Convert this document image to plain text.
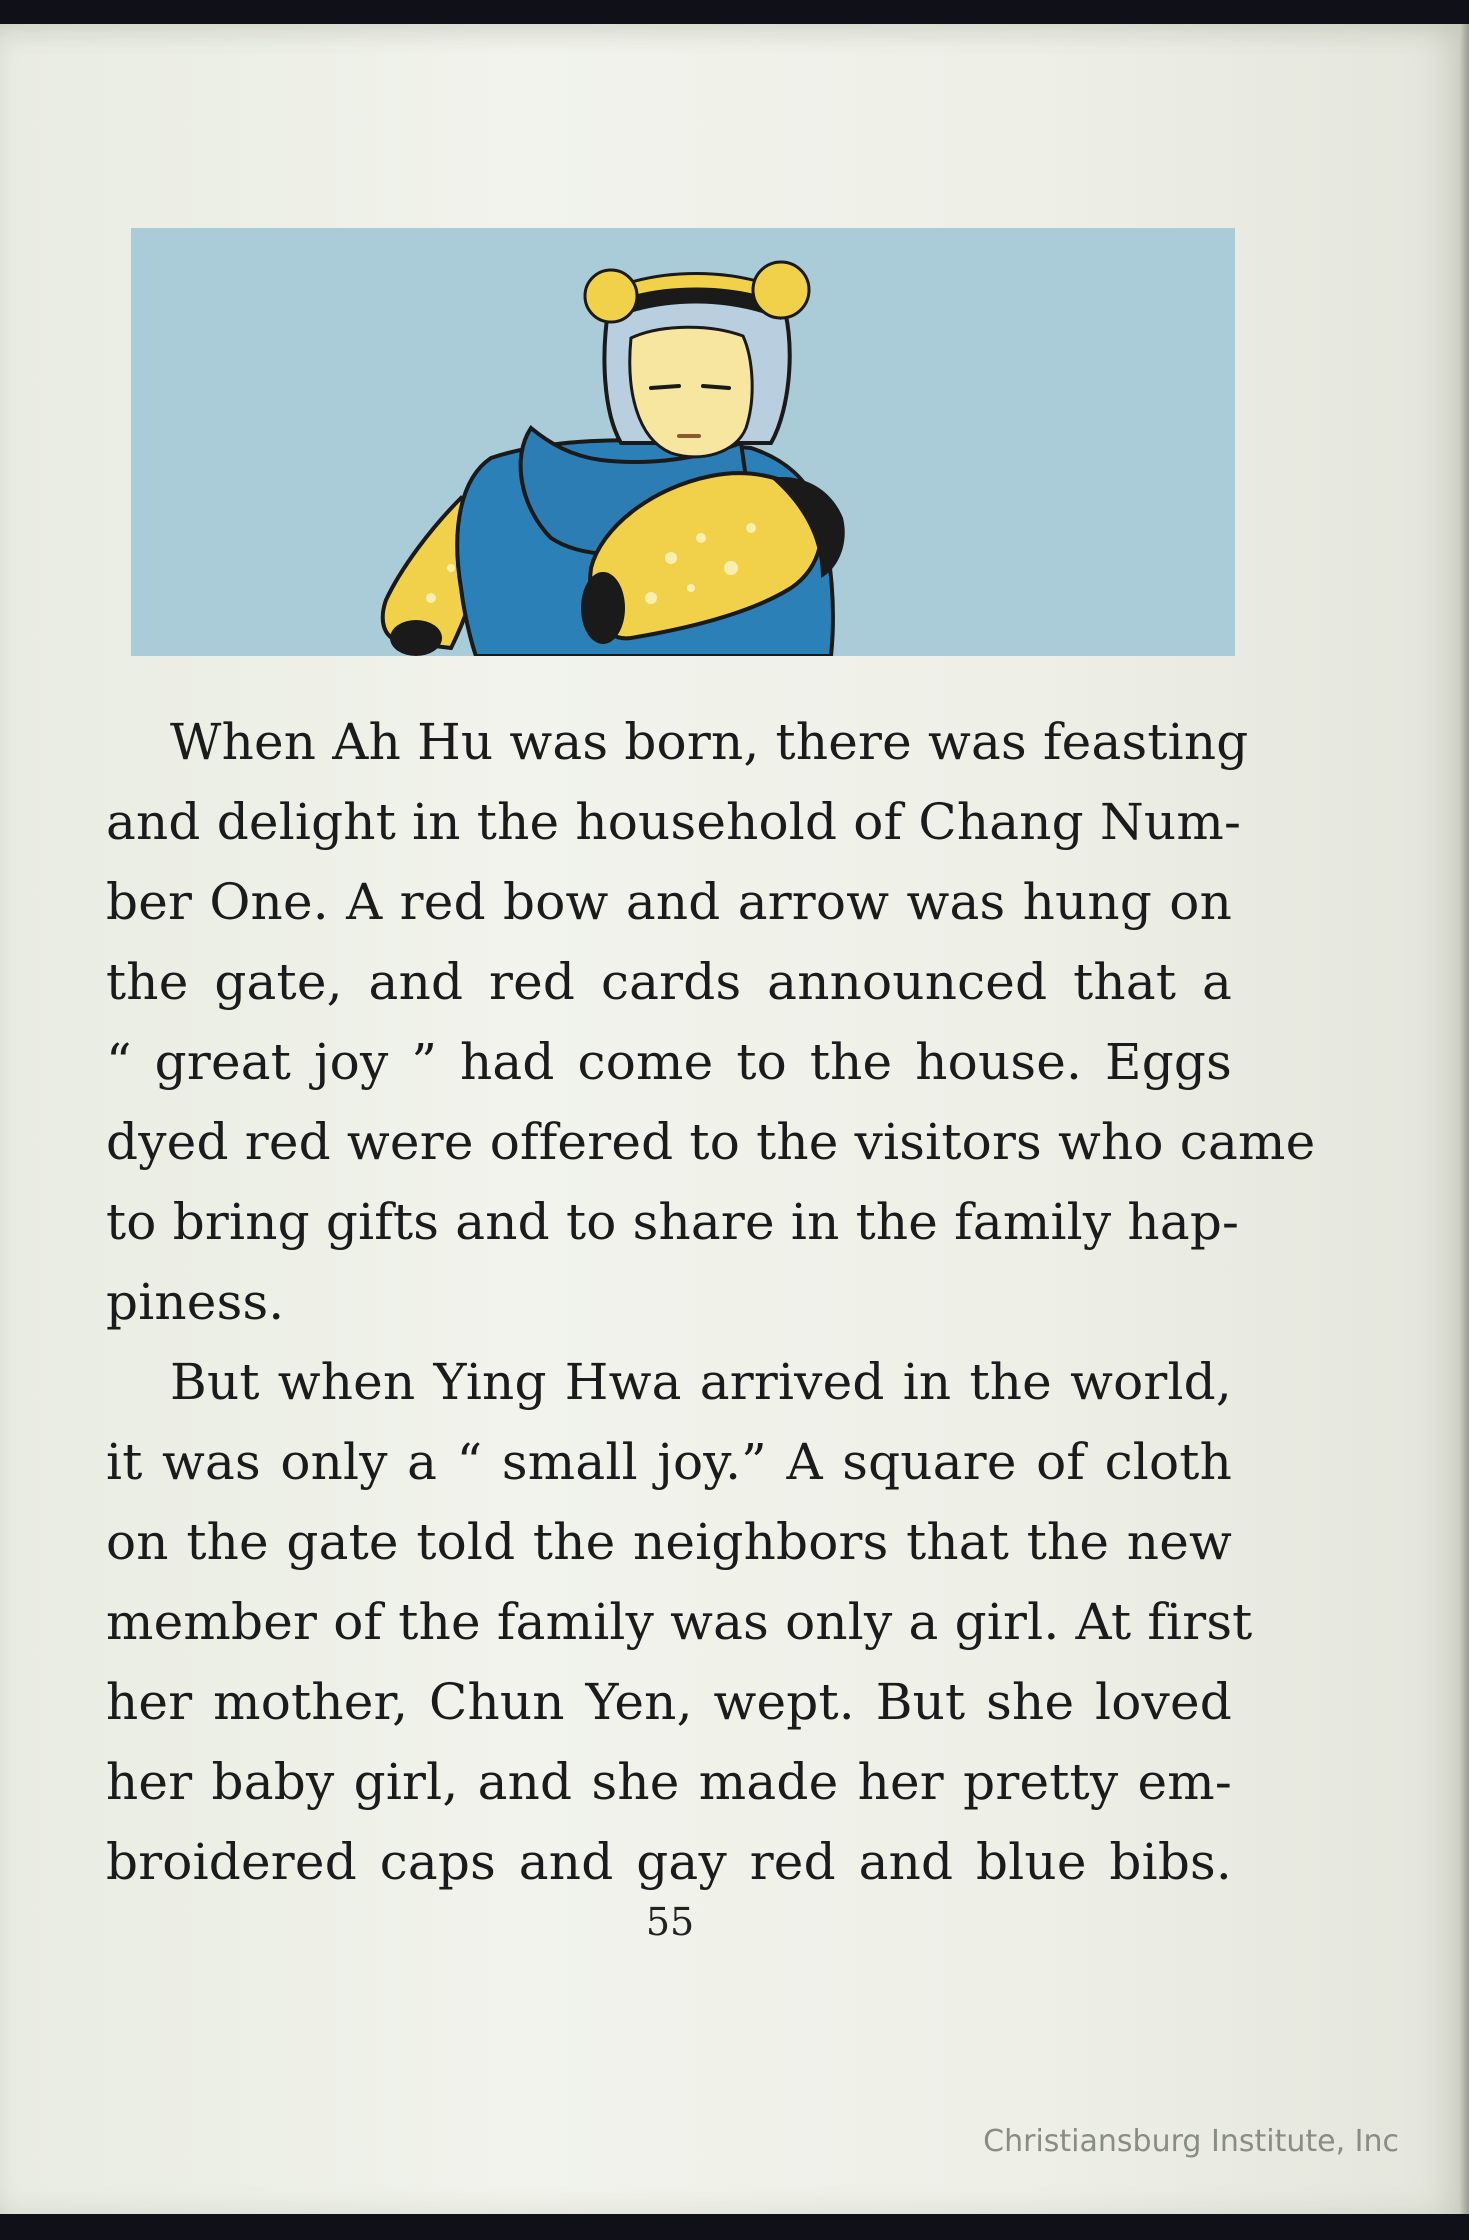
When Ah Hu was born, there was feasting
and delight in the household of Chang Num-
ber One. A red bow and arrow was hung on
the gate, and red cards announced that a
“ great joy ” had come to the house. Eggs
dyed red were offered to the visitors who came
to bring gifts and to share in the family hap-
piness.
But when Ying Hwa arrived in the world,
it was only a “ small joy.” A square of cloth
on the gate told the neighbors that the new
member of the family was only a girl. At first
her mother, Chun Yen, wept. But she loved
her baby girl, and she made her pretty em-
broidered caps and gay red and blue bibs.
55
Christiansburg Institute, Inc
